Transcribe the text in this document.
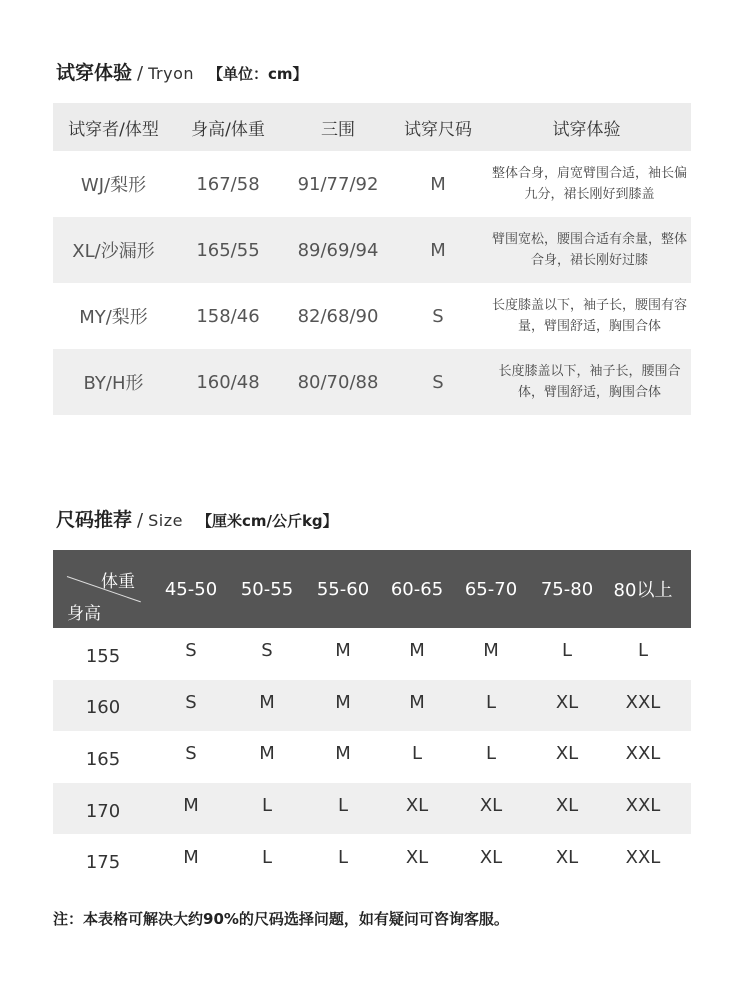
试穿体验 / Tryon 【单位：cm】
试穿者/体型	身高/体重	三围	试穿尺码	试穿体验
WJ/梨形	167/58	91/77/92	M	整体合身，肩宽臂围合适，袖长偏九分，裙长刚好到膝盖
XL/沙漏形	165/55	89/69/94	M	臂围宽松，腰围合适有余量，整体合身，裙长刚好过膝
MY/梨形	158/46	82/68/90	S	长度膝盖以下，袖子长，腰围有容量，臂围舒适，胸围合体
BY/H形	160/48	80/70/88	S	长度膝盖以下，袖子长，腰围合体，臂围舒适，胸围合体
尺码推荐 / Size 【厘米cm/公斤kg】
体重
身高
45-50	50-55	55-60	60-65	65-70	75-80	80以上
155	S	S	M	M	M	L	L
160	S	M	M	M	L	XL	XXL
165	S	M	M	L	L	XL	XXL
170	M	L	L	XL	XL	XL	XXL
175	M	L	L	XL	XL	XL	XXL
注：本表格可解决大约90%的尺码选择问题，如有疑问可咨询客服。
